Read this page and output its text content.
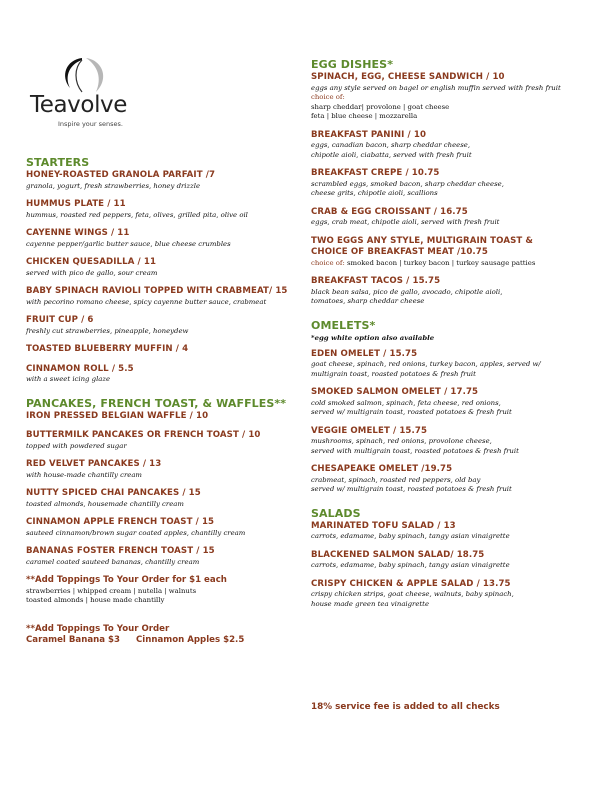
Teavolve
Inspire your senses.
STARTERS
HONEY-ROASTED GRANOLA PARFAIT /7
granola, yogurt, fresh strawberries, honey drizzle
HUMMUS PLATE / 11
hummus, roasted red peppers, feta, olives, grilled pita, olive oil
CAYENNE WINGS / 11
cayenne pepper/garlic butter sauce, blue cheese crumbles
CHICKEN QUESADILLA / 11
served with pico de gallo, sour cream
BABY SPINACH RAVIOLI TOPPED WITH CRABMEAT/ 15
with pecorino romano cheese, spicy cayenne butter sauce, crabmeat
FRUIT CUP / 6
freshly cut strawberries, pineapple, honeydew
TOASTED BLUEBERRY MUFFIN / 4
CINNAMON ROLL / 5.5
with a sweet icing glaze
PANCAKES, FRENCH TOAST, & WAFFLES**
IRON PRESSED BELGIAN WAFFLE / 10
BUTTERMILK PANCAKES OR FRENCH TOAST / 10
topped with powdered sugar
RED VELVET PANCAKES / 13
with house-made chantilly cream
NUTTY SPICED CHAI PANCAKES / 15
toasted almonds, housemade chantilly cream
CINNAMON APPLE FRENCH TOAST / 15
sauteed cinnamon/brown sugar coated apples, chantilly cream
BANANAS FOSTER FRENCH TOAST / 15
caramel coated sauteed bananas, chantilly cream
**Add Toppings To Your Order for $1 each
strawberries | whipped cream | nutella | walnuts
toasted almonds | house made chantilly
**Add Toppings To Your Order
Caramel Banana $3 Cinnamon Apples $2.5
EGG DISHES*
SPINACH, EGG, CHEESE SANDWICH / 10
eggs any style served on bagel or english muffin served with fresh fruit
choice of:
sharp cheddar| provolone | goat cheese
feta | blue cheese | mozzarella
BREAKFAST PANINI / 10
eggs, canadian bacon, sharp cheddar cheese,
chipotle aioli, ciabatta, served with fresh fruit
BREAKFAST CREPE / 10.75
scrambled eggs, smoked bacon, sharp cheddar cheese,
cheese grits, chipotle aioli, scallions
CRAB & EGG CROISSANT / 16.75
eggs, crab meat, chipotle aioli, served with fresh fruit
TWO EGGS ANY STYLE, MULTIGRAIN TOAST &
CHOICE OF BREAKFAST MEAT /10.75
choice of: smoked bacon | turkey bacon | turkey sausage patties
BREAKFAST TACOS / 15.75
black bean salsa, pico de gallo, avocado, chipotle aioli,
tomatoes, sharp cheddar cheese
OMELETS*
*egg white option also available
EDEN OMELET / 15.75
goat cheese, spinach, red onions, turkey bacon, apples, served w/
multigrain toast, roasted potatoes & fresh fruit
SMOKED SALMON OMELET / 17.75
cold smoked salmon, spinach, feta cheese, red onions,
served w/ multigrain toast, roasted potatoes & fresh fruit
VEGGIE OMELET / 15.75
mushrooms, spinach, red onions, provolone cheese,
served with multigrain toast, roasted potatoes & fresh fruit
CHESAPEAKE OMELET /19.75
crabmeat, spinach, roasted red peppers, old bay
served w/ multigrain toast, roasted potatoes & fresh fruit
SALADS
MARINATED TOFU SALAD / 13
carrots, edamame, baby spinach, tangy asian vinaigrette
BLACKENED SALMON SALAD/ 18.75
carrots, edamame, baby spinach, tangy asian vinaigrette
CRISPY CHICKEN & APPLE SALAD / 13.75
crispy chicken strips, goat cheese, walnuts, baby spinach,
house made green tea vinaigrette
18% service fee is added to all checks
